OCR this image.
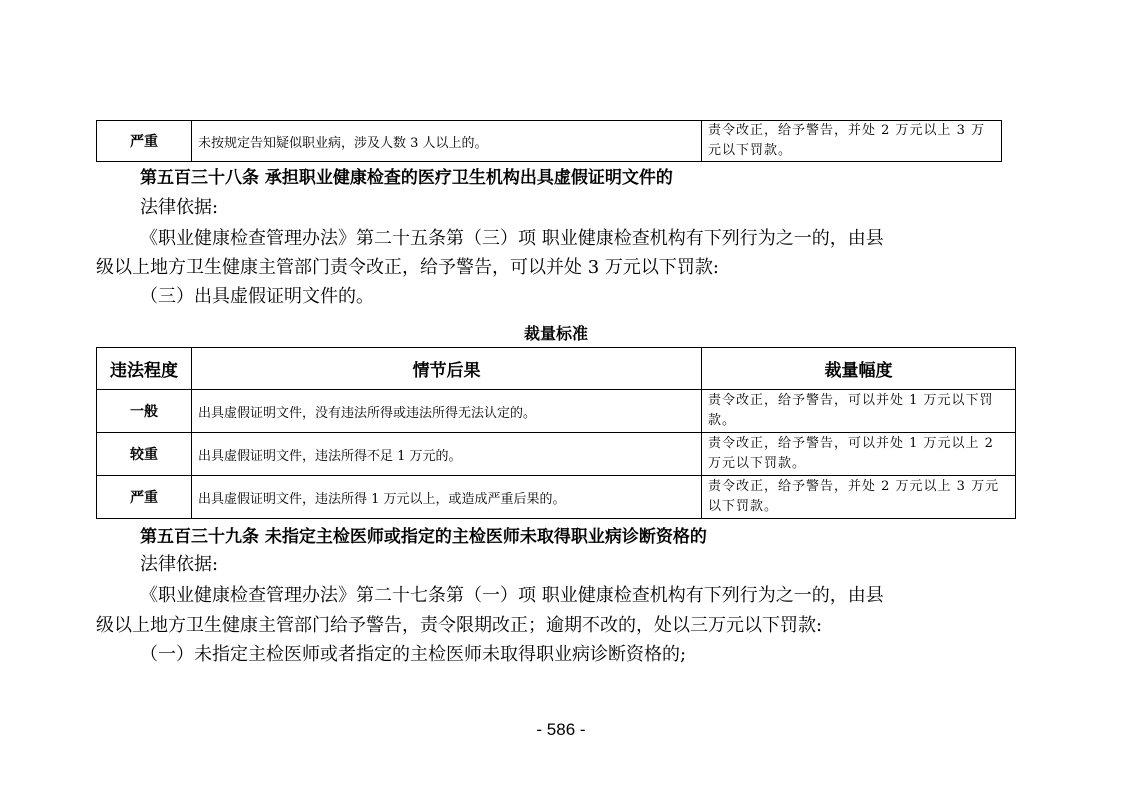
严重	未按规定告知疑似职业病，涉及人数 3 人以上的。	责令改正，给予警告，并处 2 万元以上 3 万元以下罚款。
第五百三十八条 承担职业健康检查的医疗卫生机构出具虚假证明文件的
法律依据:
《职业健康检查管理办法》第二十五条第（三）项 职业健康检查机构有下列行为之一的，由县
级以上地方卫生健康主管部门责令改正，给予警告，可以并处 3 万元以下罚款:
（三）出具虚假证明文件的。
裁量标准
违法程度	情节后果	裁量幅度
一般	出具虚假证明文件，没有违法所得或违法所得无法认定的。	责令改正，给予警告，可以并处 1 万元以下罚款。
较重	出具虚假证明文件，违法所得不足 1 万元的。	责令改正，给予警告，可以并处 1 万元以上 2 万元以下罚款。
严重	出具虚假证明文件，违法所得 1 万元以上，或造成严重后果的。	责令改正，给予警告，并处 2 万元以上 3 万元以下罚款。
第五百三十九条 未指定主检医师或指定的主检医师未取得职业病诊断资格的
法律依据:
《职业健康检查管理办法》第二十七条第（一）项 职业健康检查机构有下列行为之一的，由县
级以上地方卫生健康主管部门给予警告，责令限期改正；逾期不改的，处以三万元以下罚款:
（一）未指定主检医师或者指定的主检医师未取得职业病诊断资格的;
- 586 -
